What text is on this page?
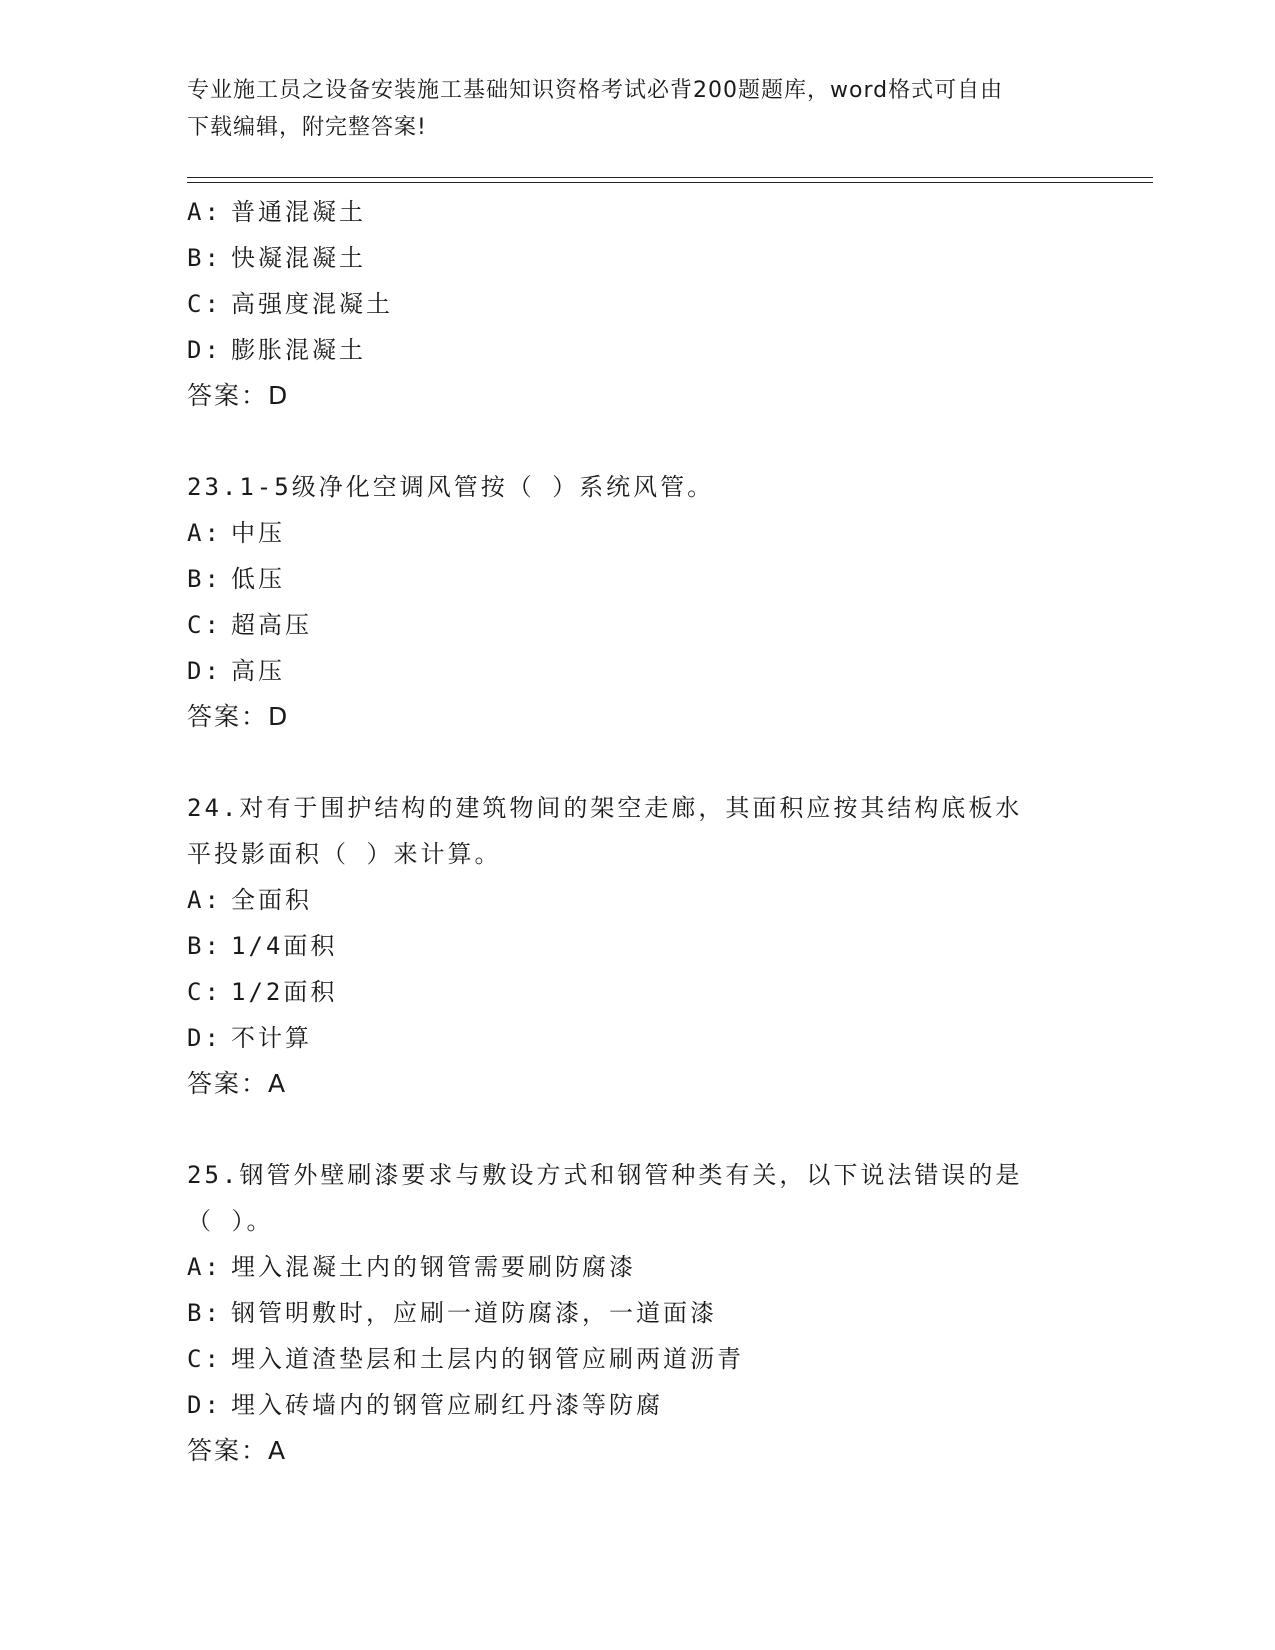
专业施工员之设备安装施工基础知识资格考试必背200题题库，word格式可自由
下载编辑，附完整答案!
A: 普通混凝土
B: 快凝混凝土
C: 高强度混凝土
D: 膨胀混凝土
答案：D
23.1-5级净化空调风管按（ ）系统风管。
A: 中压
B: 低压
C: 超高压
D: 高压
答案：D
24.对有于围护结构的建筑物间的架空走廊，其面积应按其结构底板水
平投影面积（ ）来计算。
A: 全面积
B: 1/4面积
C: 1/2面积
D: 不计算
答案：A
25.钢管外壁刷漆要求与敷设方式和钢管种类有关，以下说法错误的是
（ ）。
A: 埋入混凝土内的钢管需要刷防腐漆
B: 钢管明敷时，应刷一道防腐漆，一道面漆
C: 埋入道渣垫层和土层内的钢管应刷两道沥青
D: 埋入砖墙内的钢管应刷红丹漆等防腐
答案：A
